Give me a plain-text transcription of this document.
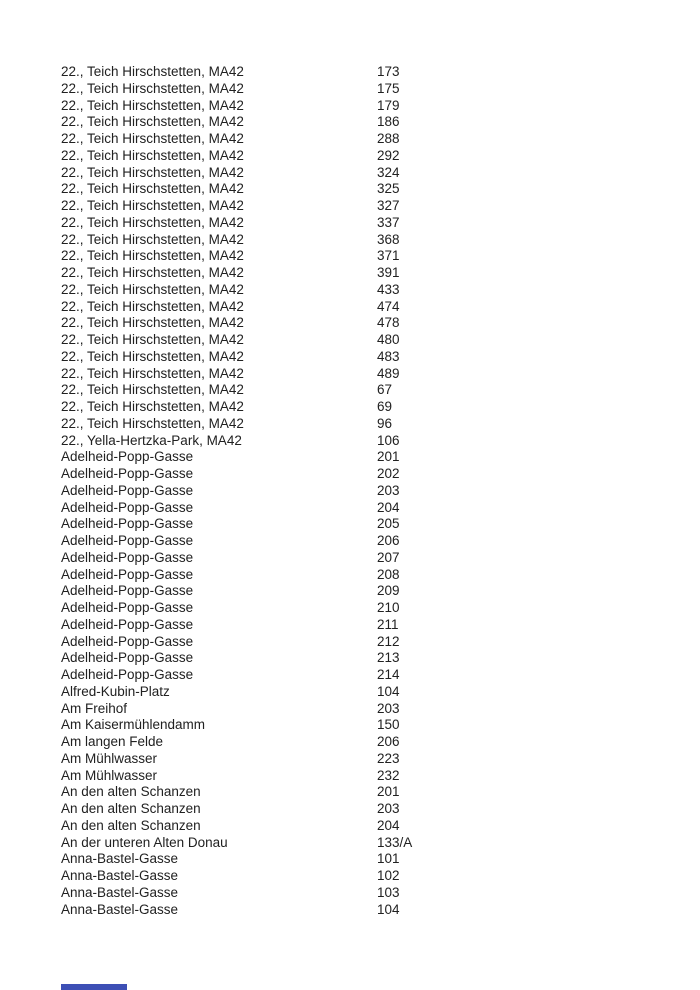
22., Teich Hirschstetten, MA42	173
22., Teich Hirschstetten, MA42	175
22., Teich Hirschstetten, MA42	179
22., Teich Hirschstetten, MA42	186
22., Teich Hirschstetten, MA42	288
22., Teich Hirschstetten, MA42	292
22., Teich Hirschstetten, MA42	324
22., Teich Hirschstetten, MA42	325
22., Teich Hirschstetten, MA42	327
22., Teich Hirschstetten, MA42	337
22., Teich Hirschstetten, MA42	368
22., Teich Hirschstetten, MA42	371
22., Teich Hirschstetten, MA42	391
22., Teich Hirschstetten, MA42	433
22., Teich Hirschstetten, MA42	474
22., Teich Hirschstetten, MA42	478
22., Teich Hirschstetten, MA42	480
22., Teich Hirschstetten, MA42	483
22., Teich Hirschstetten, MA42	489
22., Teich Hirschstetten, MA42	67
22., Teich Hirschstetten, MA42	69
22., Teich Hirschstetten, MA42	96
22., Yella-Hertzka-Park, MA42	106
Adelheid-Popp-Gasse	201
Adelheid-Popp-Gasse	202
Adelheid-Popp-Gasse	203
Adelheid-Popp-Gasse	204
Adelheid-Popp-Gasse	205
Adelheid-Popp-Gasse	206
Adelheid-Popp-Gasse	207
Adelheid-Popp-Gasse	208
Adelheid-Popp-Gasse	209
Adelheid-Popp-Gasse	210
Adelheid-Popp-Gasse	211
Adelheid-Popp-Gasse	212
Adelheid-Popp-Gasse	213
Adelheid-Popp-Gasse	214
Alfred-Kubin-Platz	104
Am Freihof	203
Am Kaisermühlendamm	150
Am langen Felde	206
Am Mühlwasser	223
Am Mühlwasser	232
An den alten Schanzen	201
An den alten Schanzen	203
An den alten Schanzen	204
An der unteren Alten Donau	133/A
Anna-Bastel-Gasse	101
Anna-Bastel-Gasse	102
Anna-Bastel-Gasse	103
Anna-Bastel-Gasse	104
